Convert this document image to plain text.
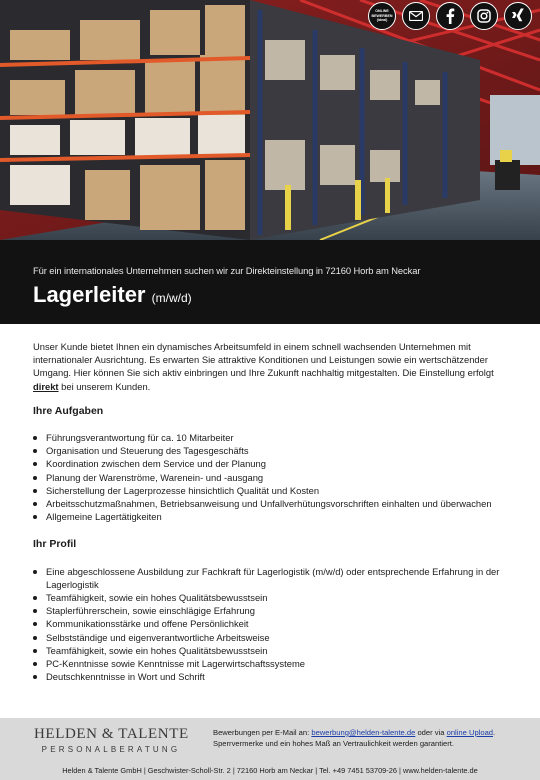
ONLINE
BEWERBEN
(ideal)
Für ein internationales Unternehmen suchen wir zur Direkteinstellung in 72160 Horb am Neckar
Lagerleiter (m/w/d)

Unser Kunde bietet Ihnen ein dynamisches Arbeitsumfeld in einem schnell wachsenden Unternehmen mit internationaler Ausrichtung. Es erwarten Sie attraktive Konditionen und Leistungen sowie ein wertschätzender Umgang. Hier können Sie sich aktiv einbringen und Ihre Zukunft nachhaltig mitgestalten. Die Einstellung erfolgt direkt bei unserem Kunden.

Ihre Aufgaben
Führungsverantwortung für ca. 10 Mitarbeiter
Organisation und Steuerung des Tagesgeschäfts
Koordination zwischen dem Service und der Planung
Planung der Warenströme, Warenein- und -ausgang
Sicherstellung der Lagerprozesse hinsichtlich Qualität und Kosten
Arbeitsschutzmaßnahmen, Betriebsanweisung und Unfallverhütungsvorschriften einhalten und überwachen
Allgemeine Lagertätigkeiten
Ihr Profil
Eine abgeschlossene Ausbildung zur Fachkraft für Lagerlogistik (m/w/d) oder entsprechende Erfahrung in der Lagerlogistik
Teamfähigkeit, sowie ein hohes Qualitätsbewusstsein
Staplerführerschein, sowie einschlägige Erfahrung
Kommunikationsstärke und offene Persönlichkeit
Selbstständige und eigenverantwortliche Arbeitsweise
Teamfähigkeit, sowie ein hohes Qualitätsbewusstsein
PC-Kenntnisse sowie Kenntnisse mit Lagerwirtschaftssysteme
Deutschkenntnisse in Wort und Schrift
HELDEN & TALENTE
PERSONALBERATUNG
Bewerbungen per E-Mail an: bewerbung@helden-talente.de oder via online Upload.
Sperrvermerke und ein hohes Maß an Vertraulichkeit werden garantiert.
Helden & Talente GmbH | Geschwister-Scholl-Str. 2 | 72160 Horb am Neckar | Tel. +49 7451 53709-26 | www.helden-talente.de
